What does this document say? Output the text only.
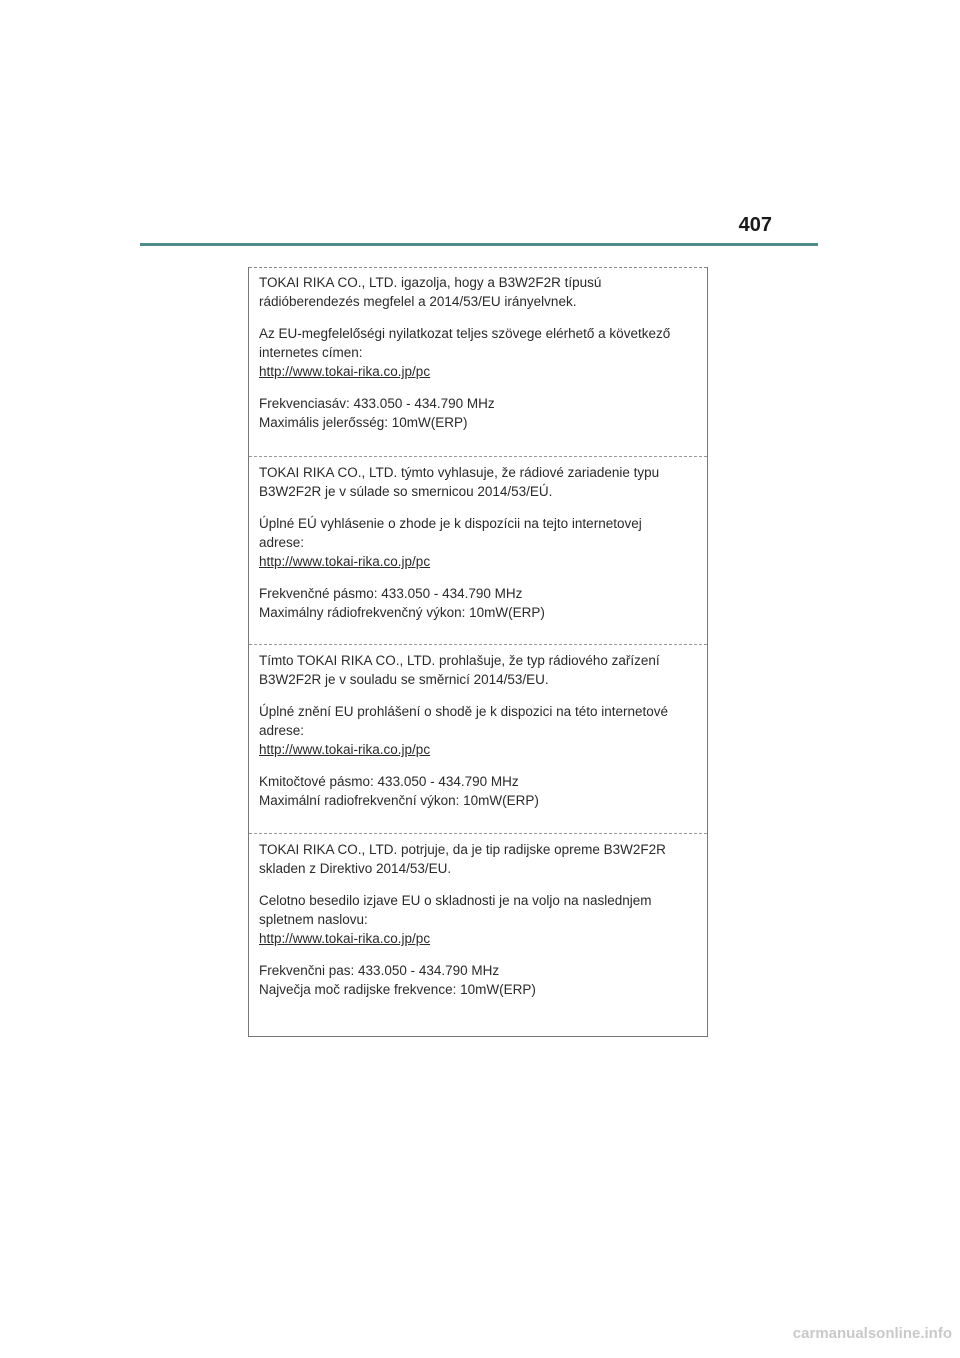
407

TOKAI RIKA CO., LTD. igazolja, hogy a B3W2F2R típusú
rádióberendezés megfelel a 2014/53/EU irányelvnek.

Az EU-megfelelőségi nyilatkozat teljes szövege elérhető a következő
internetes címen:
http://www.tokai-rika.co.jp/pc

Frekvenciasáv: 433.050 - 434.790 MHz
Maximális jelerősség: 10mW(ERP)

TOKAI RIKA CO., LTD. týmto vyhlasuje, že rádiové zariadenie typu
B3W2F2R je v súlade so smernicou 2014/53/EÚ.

Úplné EÚ vyhlásenie o zhode je k dispozícii na tejto internetovej
adrese:
http://www.tokai-rika.co.jp/pc

Frekvenčné pásmo: 433.050 - 434.790 MHz
Maximálny rádiofrekvenčný výkon: 10mW(ERP)

Tímto TOKAI RIKA CO., LTD. prohlašuje, že typ rádiového zařízení
B3W2F2R je v souladu se směrnicí 2014/53/EU.

Úplné znění EU prohlášení o shodě je k dispozici na této internetové
adrese:
http://www.tokai-rika.co.jp/pc

Kmitočtové pásmo: 433.050 - 434.790 MHz
Maximální radiofrekvenční výkon: 10mW(ERP)

TOKAI RIKA CO., LTD. potrjuje, da je tip radijske opreme B3W2F2R
skladen z Direktivo 2014/53/EU.

Celotno besedilo izjave EU o skladnosti je na voljo na naslednjem
spletnem naslovu:
http://www.tokai-rika.co.jp/pc

Frekvenčni pas: 433.050 - 434.790 MHz
Največja moč radijske frekvence: 10mW(ERP)

carmanualsonline.info
